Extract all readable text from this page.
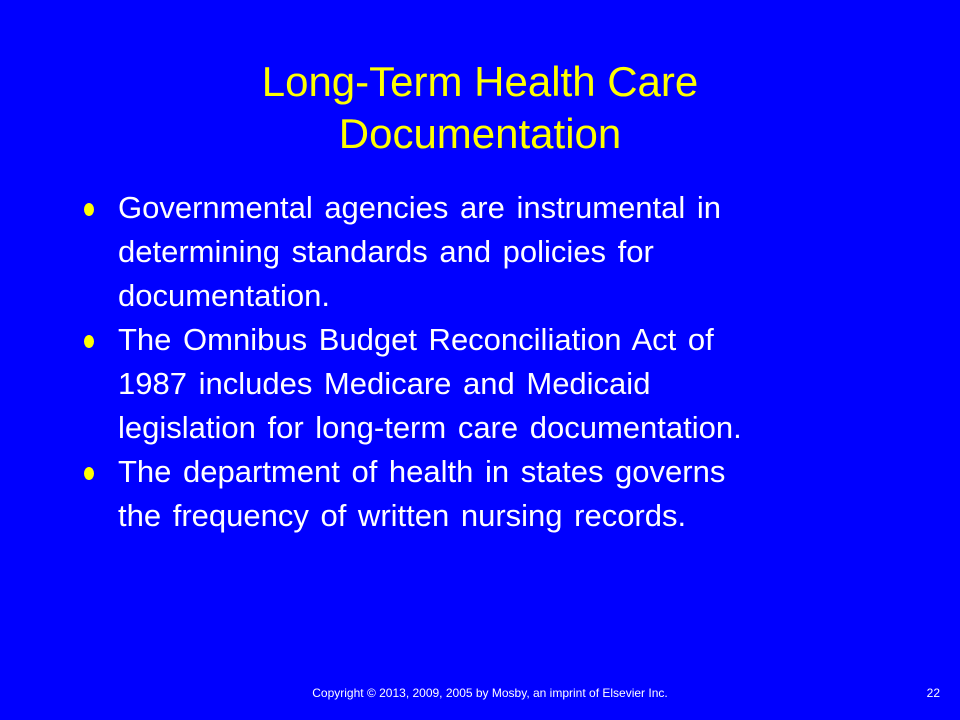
Long-Term Health Care
Documentation
Governmental agencies are instrumental in
determining standards and policies for
documentation.
The Omnibus Budget Reconciliation Act of
1987 includes Medicare and Medicaid
legislation for long-term care documentation.
The department of health in states governs
the frequency of written nursing records.
Copyright © 2013, 2009, 2005 by Mosby, an imprint of Elsevier Inc.	22
